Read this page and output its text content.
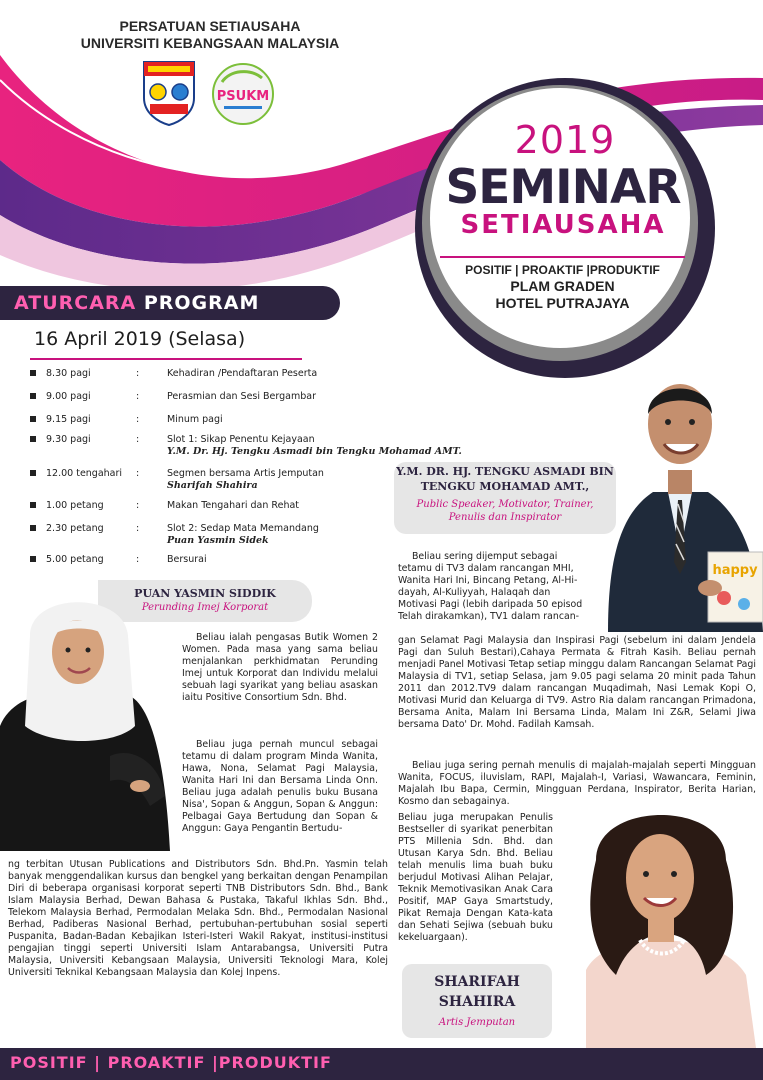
PERSATUAN SETIAUSAHA
UNIVERSITI KEBANGSAAN MALAYSIA
PSUKM
2019
SEMINAR
SETIAUSAHA
POSITIF | PROAKTIF |PRODUKTIF
PLAM GRADEN
HOTEL PUTRAJAYA
ATURCARA PROGRAM
16 April 2019 (Selasa)
8.30 pagi	:	Kehadiran /Pendaftaran Peserta
9.00 pagi	:	Perasmian dan Sesi Bergambar
9.15 pagi	:	Minum pagi
9.30 pagi	:	Slot 1: Sikap Penentu Kejayaan
Y.M. Dr. Hj. Tengku Asmadi bin Tengku Mohamad AMT.
12.00 tengahari :	Segmen bersama Artis Jemputan
Sharifah Shahira
1.00 petang	:	Makan Tengahari dan Rehat
2.30 petang	:	Slot 2: Sedap Mata Memandang
Puan Yasmin Sidek
5.00 petang	:	Bersurai
happy
Y.M. DR. HJ. TENGKU ASMADI BIN
TENGKU MOHAMAD AMT.,
Public Speaker, Motivator, Trainer,
Penulis dan Inspirator
Beliau sering dijemput sebagai
tetamu di TV3 dalam rancangan MHI,
Wanita Hari Ini, Bincang Petang, Al-Hi-
dayah, Al-Kuliyyah, Halaqah dan
Motivasi Pagi (lebih daripada 50 episod
Telah dirakamkan), TV1 dalam rancan-
gan Selamat Pagi Malaysia dan Inspirasi Pagi (sebelum ini dalam Jendela Pagi dan Suluh Bestari),Cahaya Permata & Fitrah Kasih. Beliau pernah menjadi Panel Motivasi Tetap setiap minggu dalam Rancangan Selamat Pagi Malaysia di TV1, setiap Selasa, jam 9.05 pagi selama 20 minit pada Tahun 2011 dan 2012.TV9 dalam rancangan Muqadimah, Nasi Lemak Kopi O, Motivasi Murid dan Keluarga di TV9. Astro Ria dalam rancangan Primadona, Bersama Anita, Malam Ini Bersama Linda, Malam Ini Z&R, Selami Jiwa bersama Dato' Dr. Mohd. Fadilah Kamsah.
Beliau juga sering pernah menulis di majalah-majalah seperti Mingguan Wanita, FOCUS, iluvislam, RAPI, Majalah-I, Variasi, Wawancara, Feminin, Majalah Ibu Bapa, Cermin, Mingguan Perdana, Inspirator, Berita Harian, Kosmo dan sebagainya.
Beliau juga merupakan Penulis Bestseller di syarikat penerbitan PTS Millenia Sdn. Bhd. dan Utusan Karya Sdn. Bhd. Beliau telah menulis lima buah buku berjudul Motivasi Alihan Pelajar, Teknik Memotivasikan Anak Cara Positif, MAP Gaya Smartstudy, Pikat Remaja Dengan Kata-kata dan Sehati Sejiwa (sebuah buku kekeluargaan).
PUAN YASMIN SIDDIK
Perunding Imej Korporat
Beliau ialah pengasas Butik Women 2 Women. Pada masa yang sama beliau menjalankan perkhidmatan Perunding Imej untuk Korporat dan Individu melalui sebuah lagi syarikat yang beliau asaskan iaitu Positive Consortium Sdn. Bhd.
Beliau juga pernah muncul sebagai tetamu di dalam program Minda Wanita, Hawa, Nona, Selamat Pagi Malaysia, Wanita Hari Ini dan Bersama Linda Onn. Beliau juga adalah penulis buku Busana Nisa', Sopan & Anggun, Sopan & Anggun: Pelbagai Gaya Bertudung dan Sopan & Anggun: Gaya Pengantin Bertudu-
ng terbitan Utusan Publications and Distributors Sdn. Bhd.Pn. Yasmin telah banyak menggendalikan kursus dan bengkel yang berkaitan dengan Penampilan Diri di beberapa organisasi korporat seperti TNB Distributors Sdn. Bhd., Bank Islam Malaysia Berhad, Dewan Bahasa & Pustaka, Takaful Ikhlas Sdn. Bhd., Telekom Malaysia Berhad, Permodalan Melaka Sdn. Bhd., Permodalan Nasional Berhad, Padiberas Nasional Berhad, pertubuhan-pertubuhan sosial seperti Puspanita, Badan-Badan Kebajikan Isteri-Isteri Wakil Rakyat, institusi-institusi pengajian tinggi seperti Universiti Islam Antarabangsa, Universiti Putra Malaysia, Universiti Kebangsaan Malaysia, Universiti Teknologi Mara, Kolej Universiti Teknikal Kebangsaan Malaysia dan Kolej Inpens.
SHARIFAH
SHAHIRA
Artis Jemputan
POSITIF | PROAKTIF |PRODUKTIF
